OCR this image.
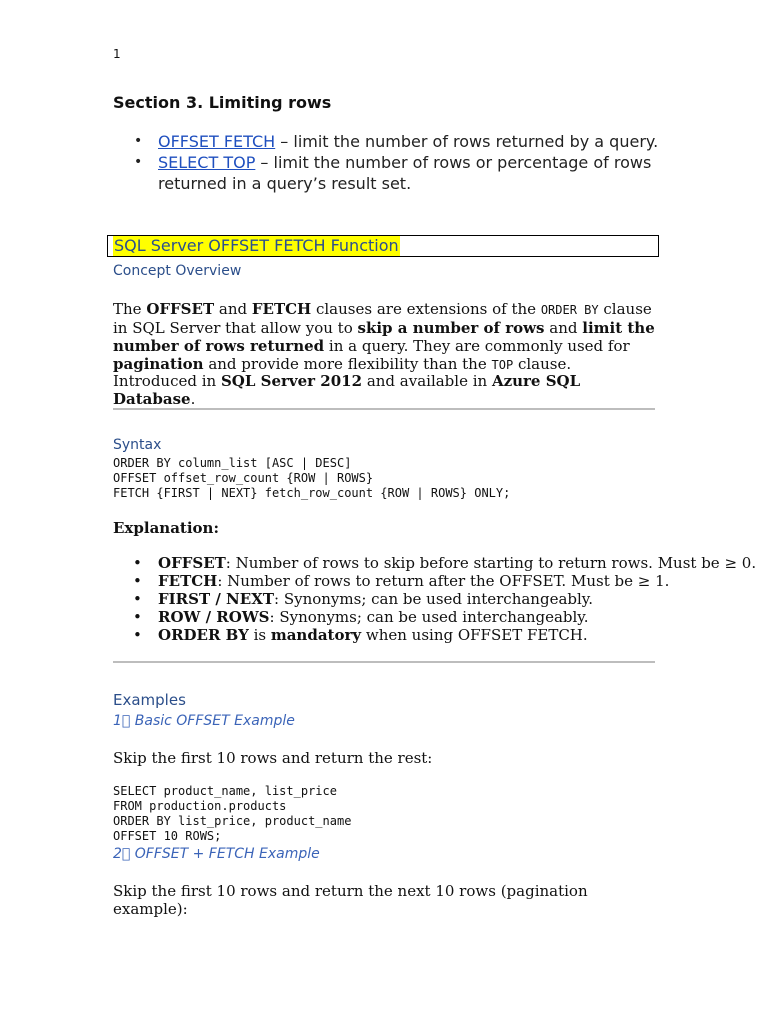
1
Section 3. Limiting rows
• OFFSET FETCH – limit the number of rows returned by a query.
• SELECT TOP – limit the number of rows or percentage of rows returned in a query’s result set.
SQL Server OFFSET FETCH Function
Concept Overview

The OFFSET and FETCH clauses are extensions of the ORDER BY clause in SQL Server that allow you to skip a number of rows and limit the number of rows returned in a query. They are commonly used for pagination and provide more flexibility than the TOP clause.

Introduced in SQL Server 2012 and available in Azure SQL Database.

Syntax
ORDER BY column_list [ASC | DESC]
OFFSET offset_row_count {ROW | ROWS}
FETCH {FIRST | NEXT} fetch_row_count {ROW | ROWS} ONLY;

Explanation:

• OFFSET: Number of rows to skip before starting to return rows. Must be ≥ 0.
• FETCH: Number of rows to return after the OFFSET. Must be ≥ 1.
• FIRST / NEXT: Synonyms; can be used interchangeably.
• ROW / ROWS: Synonyms; can be used interchangeably.
• ORDER BY is mandatory when using OFFSET FETCH.
Examples
1⃣ Basic OFFSET Example

Skip the first 10 rows and return the rest:

SELECT product_name, list_price
FROM production.products
ORDER BY list_price, product_name
OFFSET 10 ROWS;
2⃣ OFFSET + FETCH Example

Skip the first 10 rows and return the next 10 rows (pagination example):
